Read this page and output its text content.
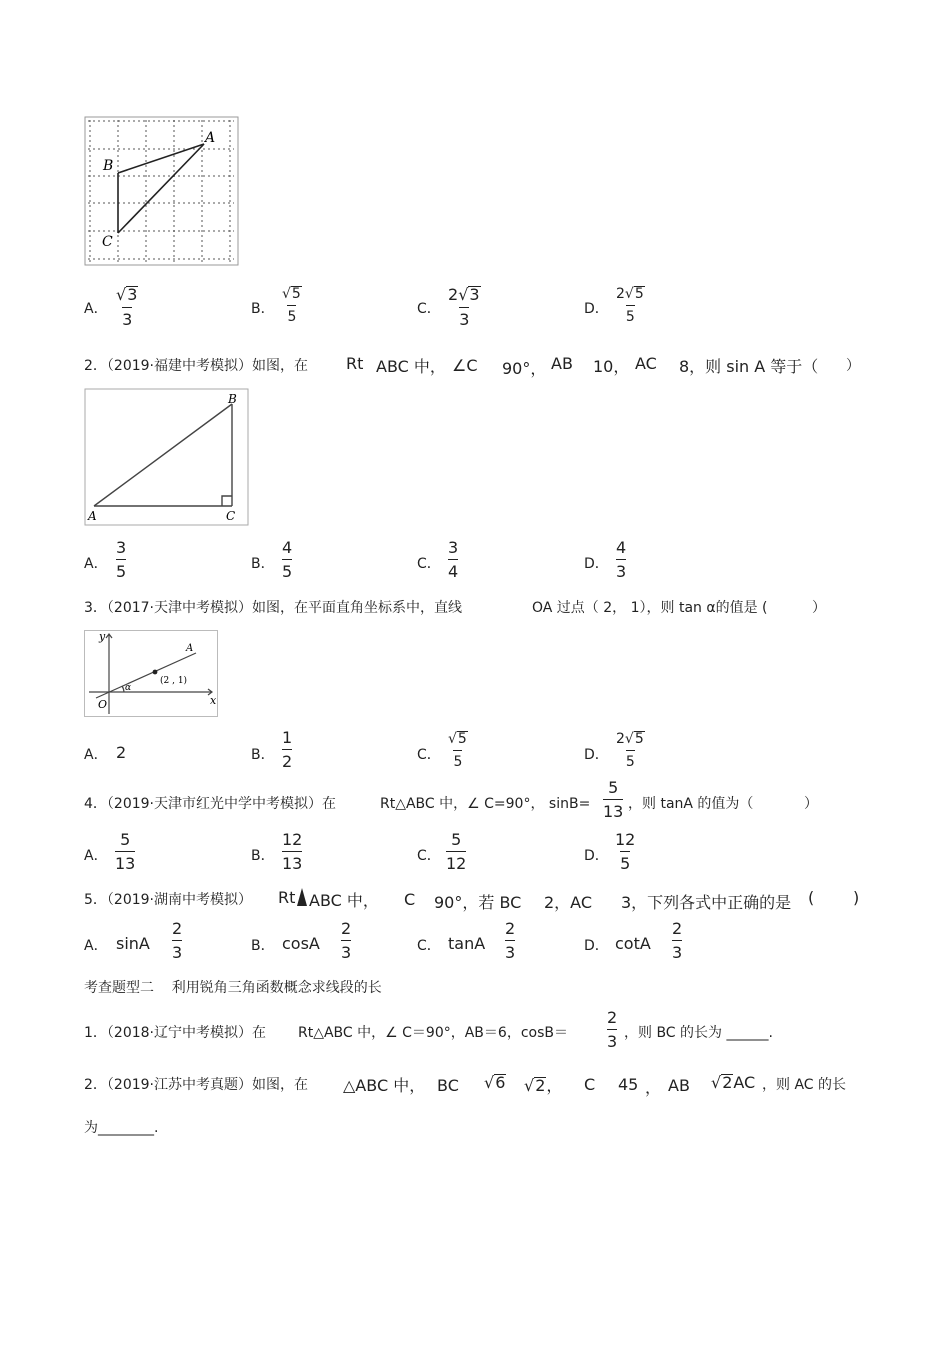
A
B
C
A． $\frac{√3}{3}$	B． $\frac{√5}{5}$	C． $\frac{2√3}{3}$	D． $\frac{2√5}{5}$
2．（2019·福建中考模拟）如图，在 Rt ABC 中， ∠C 90°， AB 10， AC 8，则 sin A 等于（ ）
B
A	C
A． $\frac{3}{5}$	B． $\frac{4}{5}$	C． $\frac{3}{4}$	D． $\frac{4}{3}$
3．（2017·天津中考模拟）如图，在平面直角坐标系中，直线	OA 过点（ 2， 1），则 tan α的值是 (	）
y
x
O
A
α
(2 , 1)
A． 2	B． $\frac{1}{2}$	C． $\frac{√5}{5}$	D． $\frac{2√5}{5}$
4．（2019·天津市红光中学中考模拟）在	Rt△ABC 中，∠ C=90°， $\sin B= \frac{5}{13}$ ，则 tanA 的值为（	）
A． $\frac{5}{13}$	B． $\frac{12}{13}$	C． $\frac{5}{12}$	D． $\frac{12}{5}$
5．（2019·湖南中考模拟） Rt ABC 中， C 90°，若 BC 2，AC 3，下列各式中正确的是 ( )
A． sinA $\frac{2}{3}$	B． cosA $\frac{2}{3}$	C． tanA $\frac{2}{3}$	D． cotA $\frac{2}{3}$
考查题型二    利用锐角三角函数概念求线段的长
1．（2018·辽宁中考模拟）在 Rt△ABC 中，∠ C＝90°，AB＝6，$\cos B= \frac{2}{3}$ ，则 BC 的长为 ______.
2．（2019·江苏中考真题）如图，在 △ABC 中， BC √6 √2， C 45 ， AB √2AC ，则 AC 的长
为________.
